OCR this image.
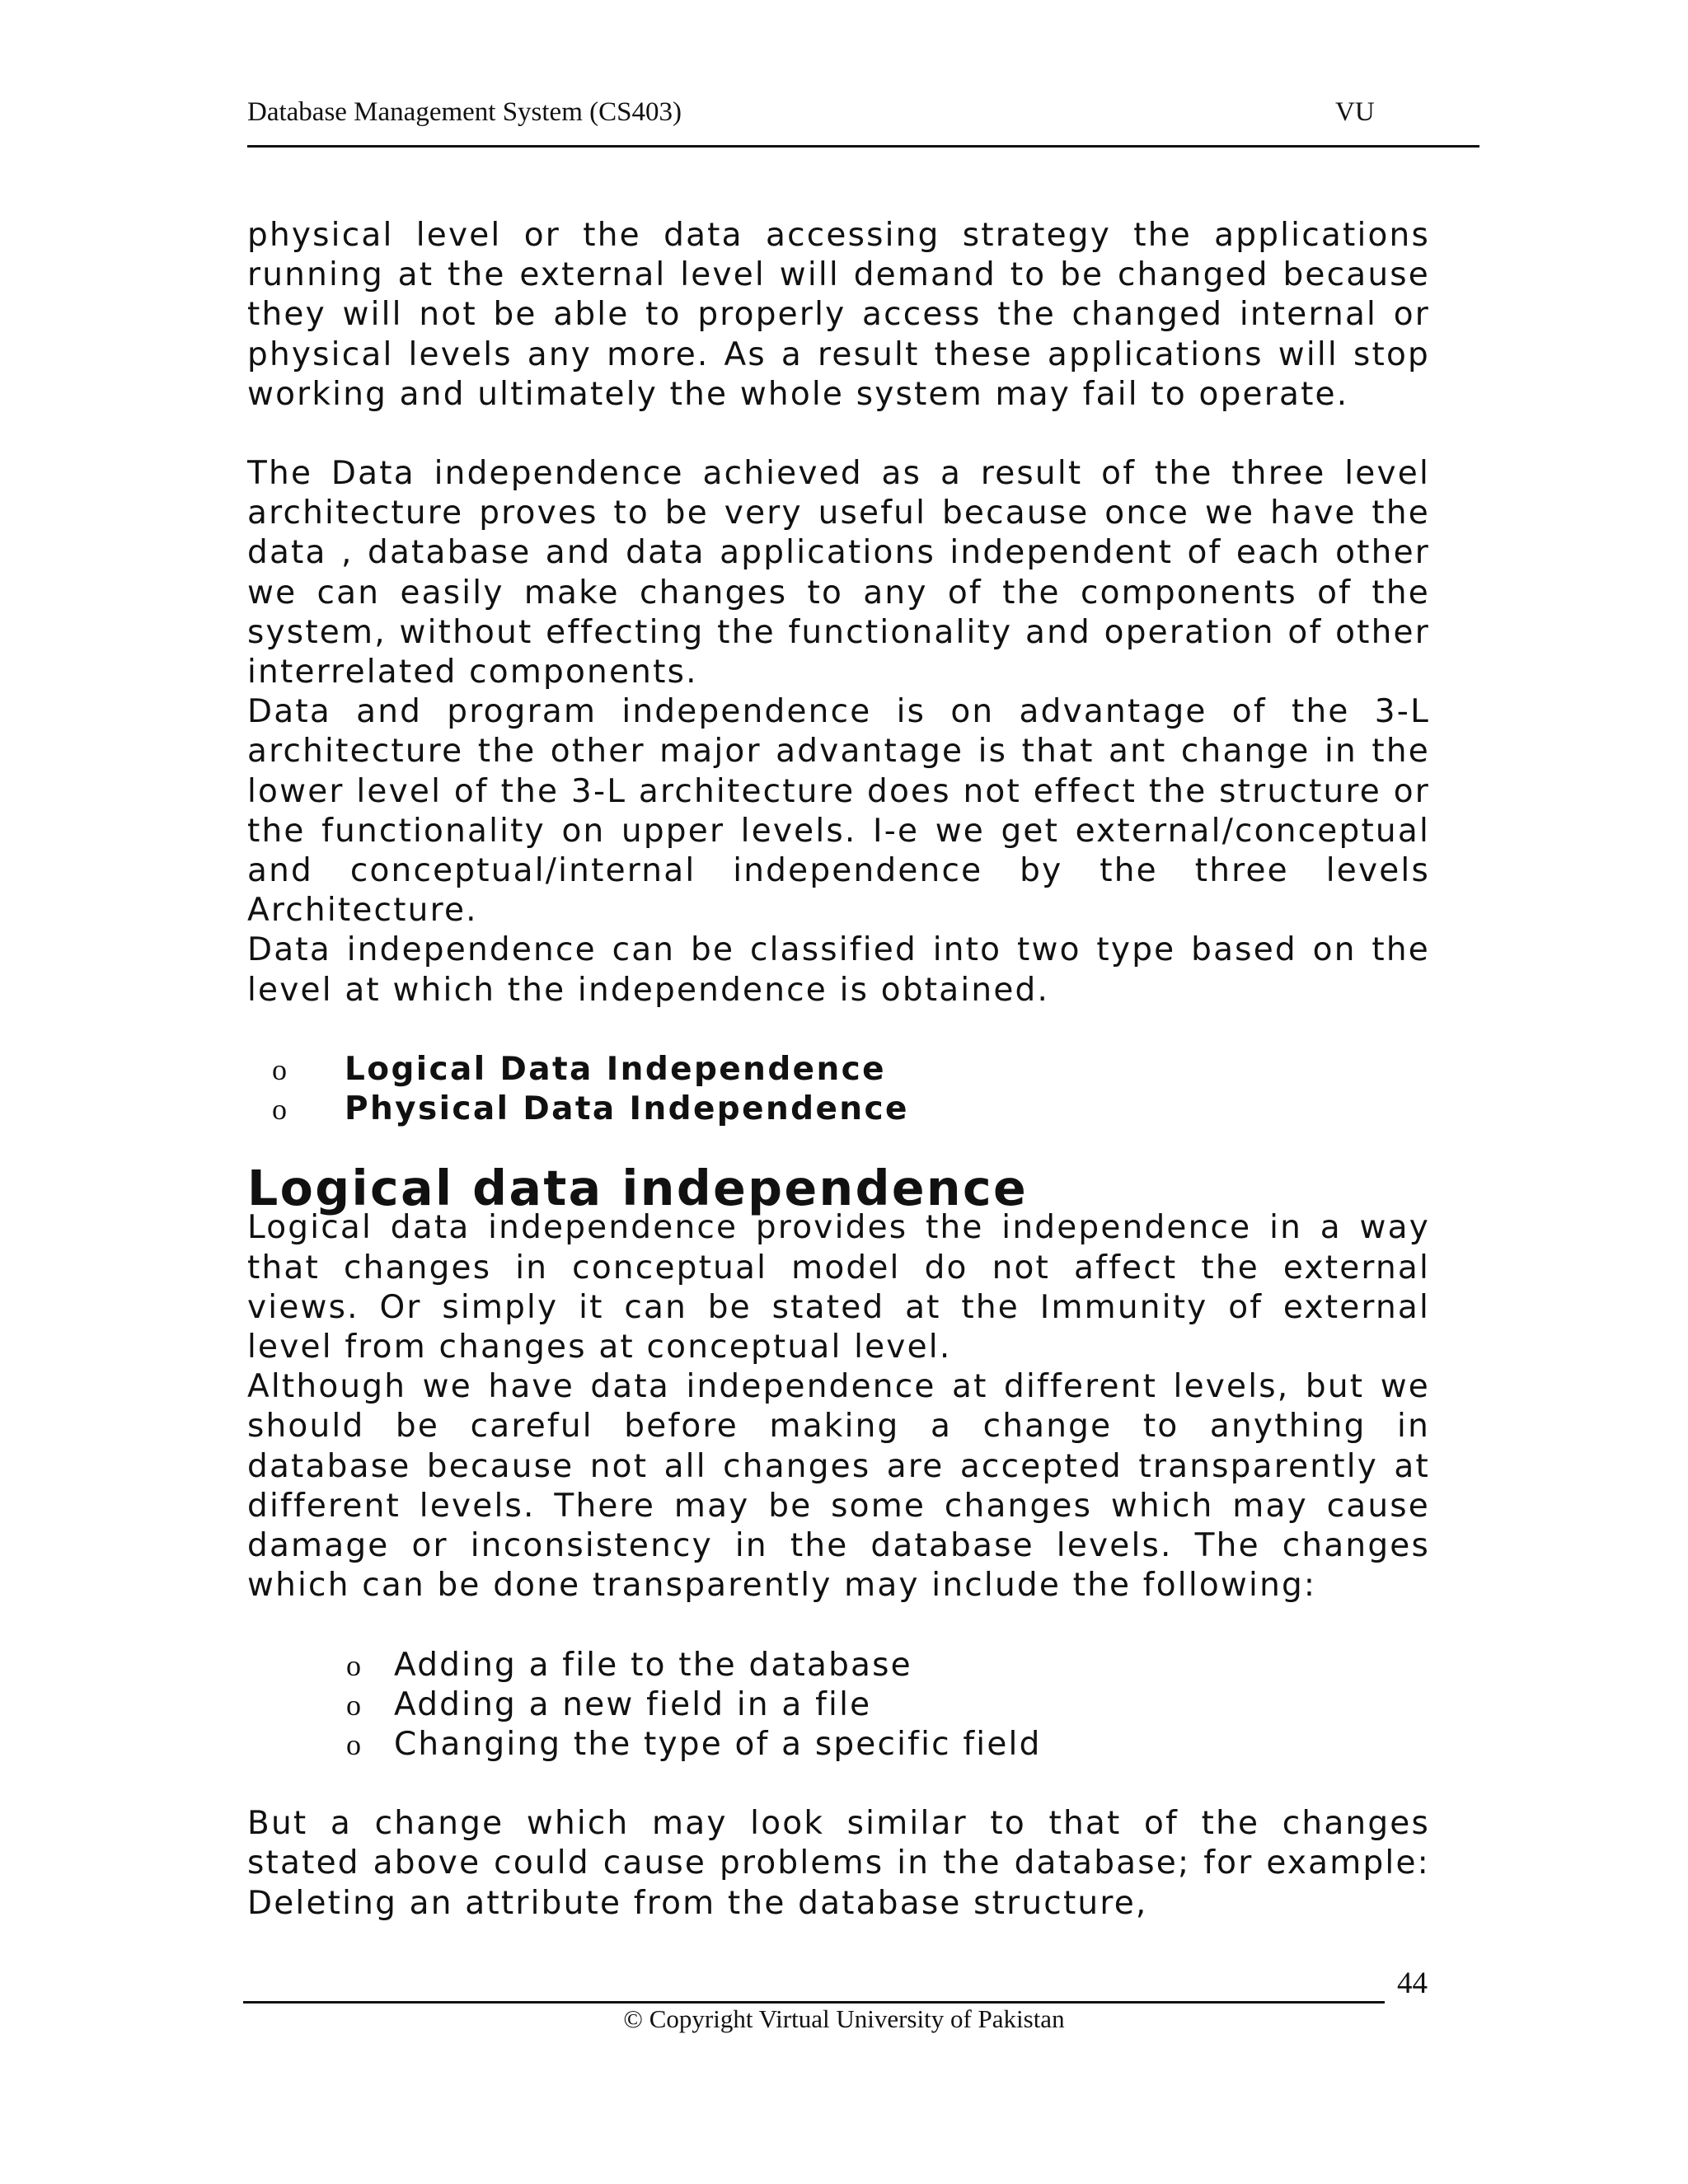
Database Management System (CS403)	VU

physical level or the data accessing strategy the applications running at the external level will demand to be changed because they will not be able to properly access the changed internal or physical levels any more. As a result these applications will stop working and ultimately the whole system may fail to operate.

The Data independence achieved as a result of the three level architecture proves to be very useful because once we have the data , database and data applications independent of each other we can easily make changes to any of the components of the system, without effecting the functionality and operation of other interrelated components.

Data and program independence is on advantage of the 3-L architecture the other major advantage is that ant change in the lower level of the 3-L architecture does not effect the structure or the functionality on upper levels. I-e we get external/conceptual and conceptual/internal independence by the three levels Architecture.

Data independence can be classified into two type based on the level at which the independence is obtained.

o Logical Data Independence
o Physical Data Independence
Logical data independence

Logical data independence provides the independence in a way that changes in conceptual model do not affect the external views. Or simply it can be stated at the Immunity of external level from changes at conceptual level.

Although we have data independence at different levels, but we should be careful before making a change to anything in database because not all changes are accepted transparently at different levels. There may be some changes which may cause damage or inconsistency in the database levels. The changes which can be done transparently may include the following:

o Adding a file to the database
o Adding a new field in a file
o Changing the type of a specific field

But a change which may look similar to that of the changes stated above could cause problems in the database; for example: Deleting an attribute from the database structure,

44
© Copyright Virtual University of Pakistan
